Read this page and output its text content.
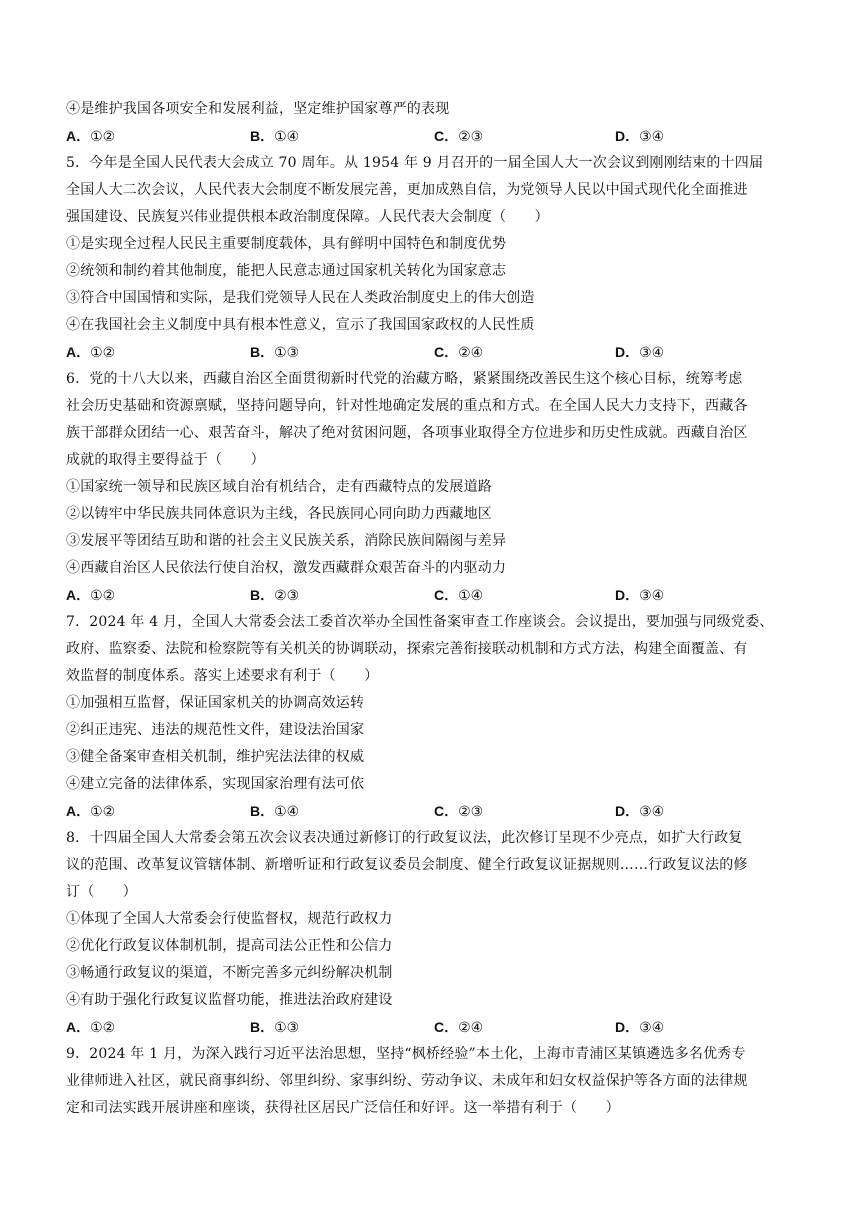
④是维护我国各项安全和发展利益，坚定维护国家尊严的表现
A．①②	B．①④	C．②③	D．③④
5．今年是全国人民代表大会成立 70 周年。从 1954 年 9 月召开的一届全国人大一次会议到刚刚结束的十四届
全国人大二次会议，人民代表大会制度不断发展完善，更加成熟自信，为党领导人民以中国式现代化全面推进
强国建设、民族复兴伟业提供根本政治制度保障。人民代表大会制度（　　）
①是实现全过程人民民主重要制度载体，具有鲜明中国特色和制度优势
②统领和制约着其他制度，能把人民意志通过国家机关转化为国家意志
③符合中国国情和实际，是我们党领导人民在人类政治制度史上的伟大创造
④在我国社会主义制度中具有根本性意义，宣示了我国国家政权的人民性质
A．①②	B．①③	C．②④	D．③④
6．党的十八大以来，西藏自治区全面贯彻新时代党的治藏方略，紧紧围绕改善民生这个核心目标，统筹考虑
社会历史基础和资源禀赋，坚持问题导向，针对性地确定发展的重点和方式。在全国人民大力支持下，西藏各
族干部群众团结一心、艰苦奋斗，解决了绝对贫困问题，各项事业取得全方位进步和历史性成就。西藏自治区
成就的取得主要得益于（　　）
①国家统一领导和民族区域自治有机结合，走有西藏特点的发展道路
②以铸牢中华民族共同体意识为主线，各民族同心同向助力西藏地区
③发展平等团结互助和谐的社会主义民族关系，消除民族间隔阂与差异
④西藏自治区人民依法行使自治权，激发西藏群众艰苦奋斗的内驱动力
A．①②	B．②③	C．①④	D．③④
7．2024 年 4 月，全国人大常委会法工委首次举办全国性备案审查工作座谈会。会议提出，要加强与同级党委、
政府、监察委、法院和检察院等有关机关的协调联动，探索完善衔接联动机制和方式方法，构建全面覆盖、有
效监督的制度体系。落实上述要求有利于（　　）
①加强相互监督，保证国家机关的协调高效运转
②纠正违宪、违法的规范性文件，建设法治国家
③健全备案审查相关机制，维护宪法法律的权威
④建立完备的法律体系，实现国家治理有法可依
A．①②	B．①④	C．②③	D．③④
8．十四届全国人大常委会第五次会议表决通过新修订的行政复议法，此次修订呈现不少亮点，如扩大行政复
议的范围、改革复议管辖体制、新增听证和行政复议委员会制度、健全行政复议证据规则……行政复议法的修
订（　　）
①体现了全国人大常委会行使监督权，规范行政权力
②优化行政复议体制机制，提高司法公正性和公信力
③畅通行政复议的渠道，不断完善多元纠纷解决机制
④有助于强化行政复议监督功能，推进法治政府建设
A．①②	B．①③	C．②④	D．③④
9．2024 年 1 月，为深入践行习近平法治思想，坚持“枫桥经验”本土化，上海市青浦区某镇遴选多名优秀专
业律师进入社区，就民商事纠纷、邻里纠纷、家事纠纷、劳动争议、未成年和妇女权益保护等各方面的法律规
定和司法实践开展讲座和座谈，获得社区居民广泛信任和好评。这一举措有利于（　　）
